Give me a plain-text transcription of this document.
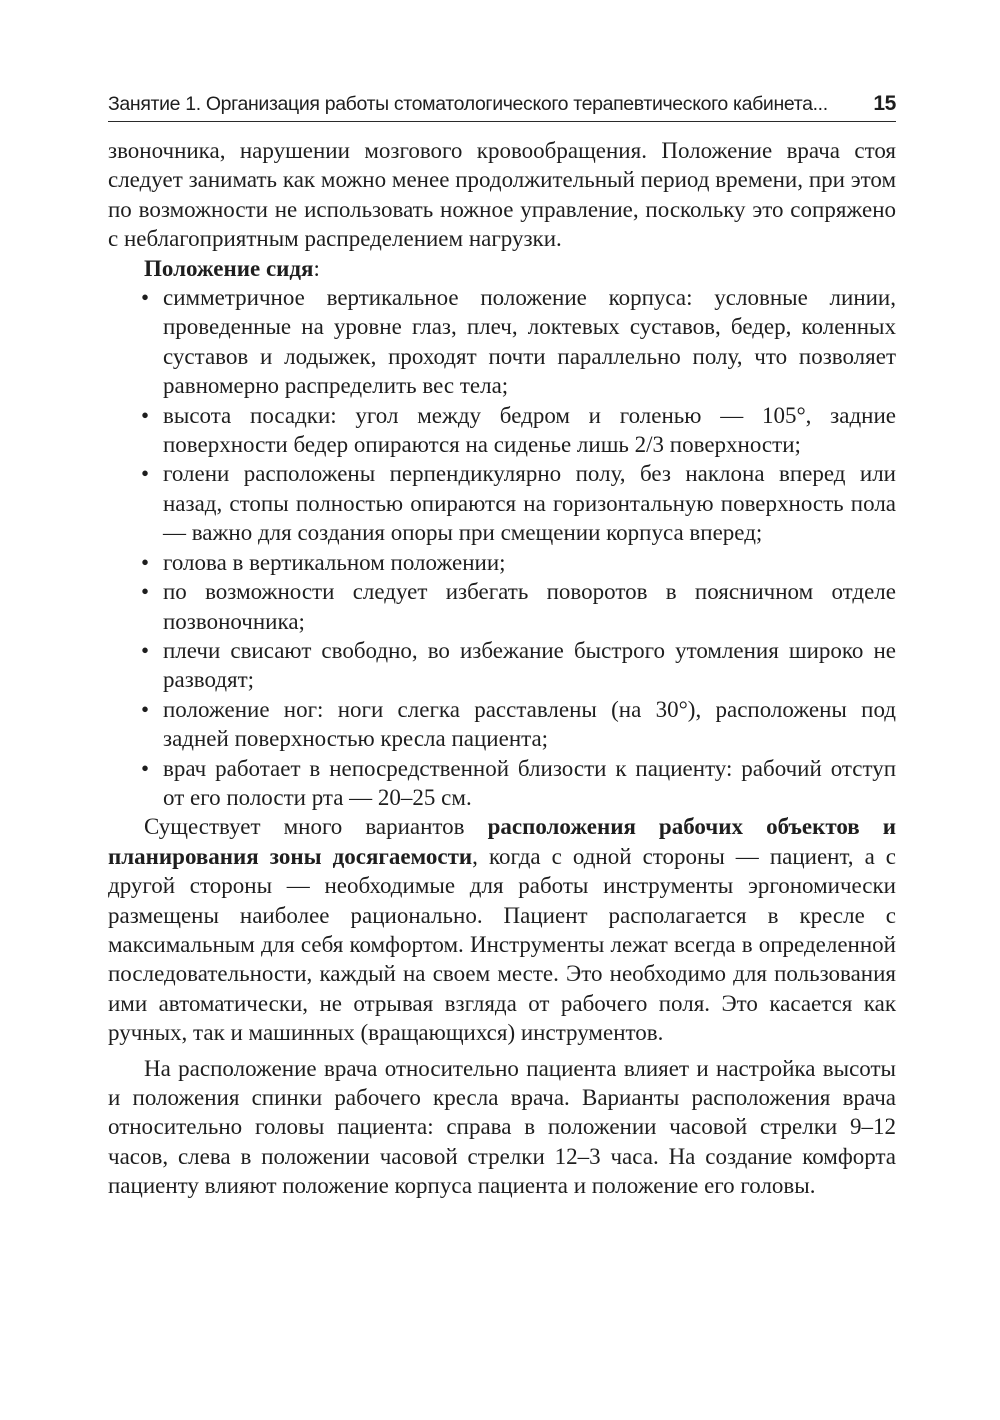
Занятие 1. Организация работы стоматологического терапевтического кабинета... 15

звоночника, нарушении мозгового кровообращения. Положение врача стоя следует занимать как можно менее продолжительный период времени, при этом по возможности не использовать ножное управление, поскольку это сопряжено с неблагоприятным распределением нагрузки.

Положение сидя:

• симметричное вертикальное положение корпуса: условные линии, проведенные на уровне глаз, плеч, локтевых суставов, бедер, коленных суставов и лодыжек, проходят почти параллельно полу, что позволяет равномерно распределить вес тела;
• высота посадки: угол между бедром и голенью — 105°, задние поверхности бедер опираются на сиденье лишь 2/3 поверхности;
• голени расположены перпендикулярно полу, без наклона вперед или назад, стопы полностью опираются на горизонтальную поверхность пола — важно для создания опоры при смещении корпуса вперед;
• голова в вертикальном положении;
• по возможности следует избегать поворотов в поясничном отделе позвоночника;
• плечи свисают свободно, во избежание быстрого утомления широко не разводят;
• положение ног: ноги слегка расставлены (на 30°), расположены под задней поверхностью кресла пациента;
• врач работает в непосредственной близости к пациенту: рабочий отступ от его полости рта — 20–25 см.

Существует много вариантов расположения рабочих объектов и планирования зоны досягаемости, когда с одной стороны — пациент, а с другой стороны — необходимые для работы инструменты эргономически размещены наиболее рационально. Пациент располагается в кресле с максимальным для себя комфортом. Инструменты лежат всегда в определенной последовательности, каждый на своем месте. Это необходимо для пользования ими автоматически, не отрывая взгляда от рабочего поля. Это касается как ручных, так и машинных (вращающихся) инструментов.

На расположение врача относительно пациента влияет и настройка высоты и положения спинки рабочего кресла врача. Варианты расположения врача относительно головы пациента: справа в положении часовой стрелки 9–12 часов, слева в положении часовой стрелки 12–3 часа. На создание комфорта пациенту влияют положение корпуса пациента и положение его головы.
